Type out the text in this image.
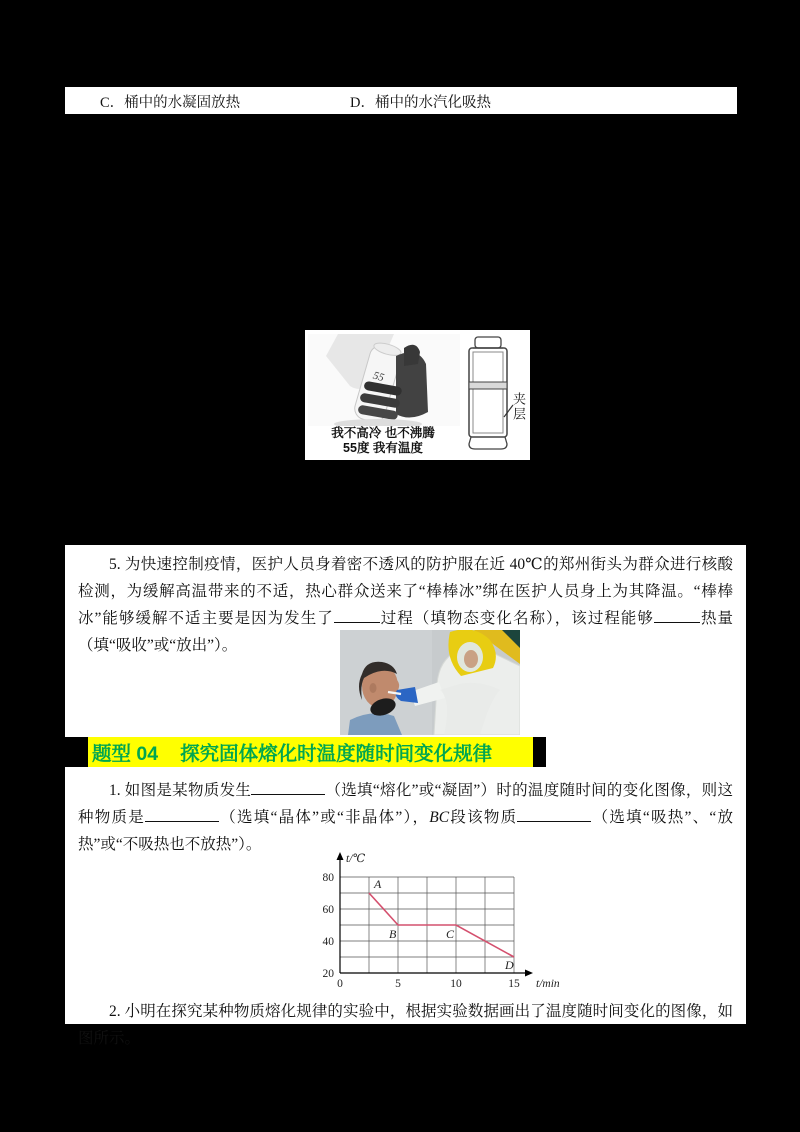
C．桶中的水凝固放热	D．桶中的水汽化吸热
55
我不高冷 也不沸腾
55度 我有温度
夹层

5. 为快速控制疫情，医护人员身着密不透风的防护服在近 40℃的郑州街头为群众进行核酸检测，为缓解高温带来的不适，热心群众送来了“棒棒冰”绑在医护人员身上为其降温。“棒棒冰”能够缓解不适主要是因为发生了	过程（填物态变化名称），该过程能够	热量（填“吸收”或“放出”）。

题型 04 探究固体熔化时温度随时间变化规律

1. 如图是某物质发生	（选填“熔化”或“凝固”）时的温度随时间的变化图像，则这种物质是	（选填“晶体”或“非晶体”），BC段该物质	（选填“吸热”、“放热”或“不吸热也不放热”）。

20
40
60
80
0	5	10	15
t/℃
t/min
A
B	C
D

2. 小明在探究某种物质熔化规律的实验中，根据实验数据画出了温度随时间变化的图像，如图所示。
